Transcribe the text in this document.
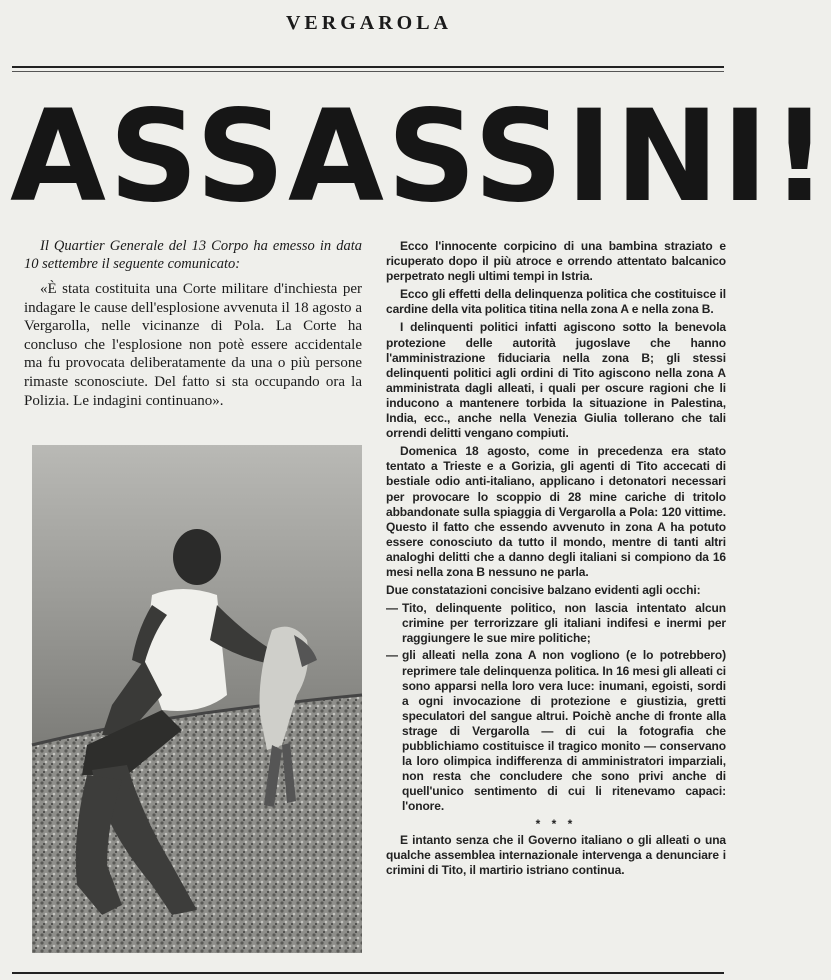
VERGAROLA
ASSASSINI!

Il Quartier Generale del 13 Corpo ha emesso in data 10 settembre il seguente comunicato:

«È stata costituita una Corte militare d'inchiesta per indagare le cause dell'esplosione avvenuta il 18 agosto a Vergarolla, nelle vicinanze di Pola. La Corte ha concluso che l'esplosione non potè essere accidentale ma fu provocata deliberatamente da una o più persone rimaste sconosciute. Del fatto si sta occupando ora la Polizia. Le indagini continuano».

Ecco l'innocente corpicino di una bambina straziato e ricuperato dopo il più atroce e orrendo attentato balcanico perpetrato negli ultimi tempi in Istria.

Ecco gli effetti della delinquenza politica che costituisce il cardine della vita politica titina nella zona A e nella zona B.

I delinquenti politici infatti agiscono sotto la benevola protezione delle autorità jugoslave che hanno l'amministrazione fiduciaria nella zona B; gli stessi delinquenti politici agli ordini di Tito agiscono nella zona A amministrata dagli alleati, i quali per oscure ragioni che li inducono a mantenere torbida la situazione in Palestina, India, ecc., anche nella Venezia Giulia tollerano che tali orrendi delitti vengano compiuti.

Domenica 18 agosto, come in precedenza era stato tentato a Trieste e a Gorizia, gli agenti di Tito accecati di bestiale odio anti-italiano, applicano i detonatori necessari per provocare lo scoppio di 28 mine cariche di tritolo abbandonate sulla spiaggia di Vergarolla a Pola: 120 vittime. Questo il fatto che essendo avvenuto in zona A ha potuto essere conosciuto da tutto il mondo, mentre di tanti altri analoghi delitti che a danno degli italiani si compiono da 16 mesi nella zona B nessuno ne parla.

Due constatazioni concisive balzano evidenti agli occhi:

— Tito, delinquente politico, non lascia intentato alcun crimine per terrorizzare gli italiani indifesi e inermi per raggiungere le sue mire politiche;
— gli alleati nella zona A non vogliono (e lo potrebbero) reprimere tale delinquenza politica. In 16 mesi gli alleati ci sono apparsi nella loro vera luce: inumani, egoisti, sordi a ogni invocazione di protezione e giustizia, gretti speculatori del sangue altrui. Poichè anche di fronte alla strage di Vergarolla — di cui la fotografia che pubblichiamo costituisce il tragico monito — conservano la loro olimpica indifferenza di amministratori imparziali, non resta che concludere che sono privi anche di quell'unico sentimento di cui li ritenevamo capaci: l'onore.

* * *

E intanto senza che il Governo italiano o gli alleati o una qualche assemblea internazionale intervenga a denunciare i crimini di Tito, il martirio istriano continua.
